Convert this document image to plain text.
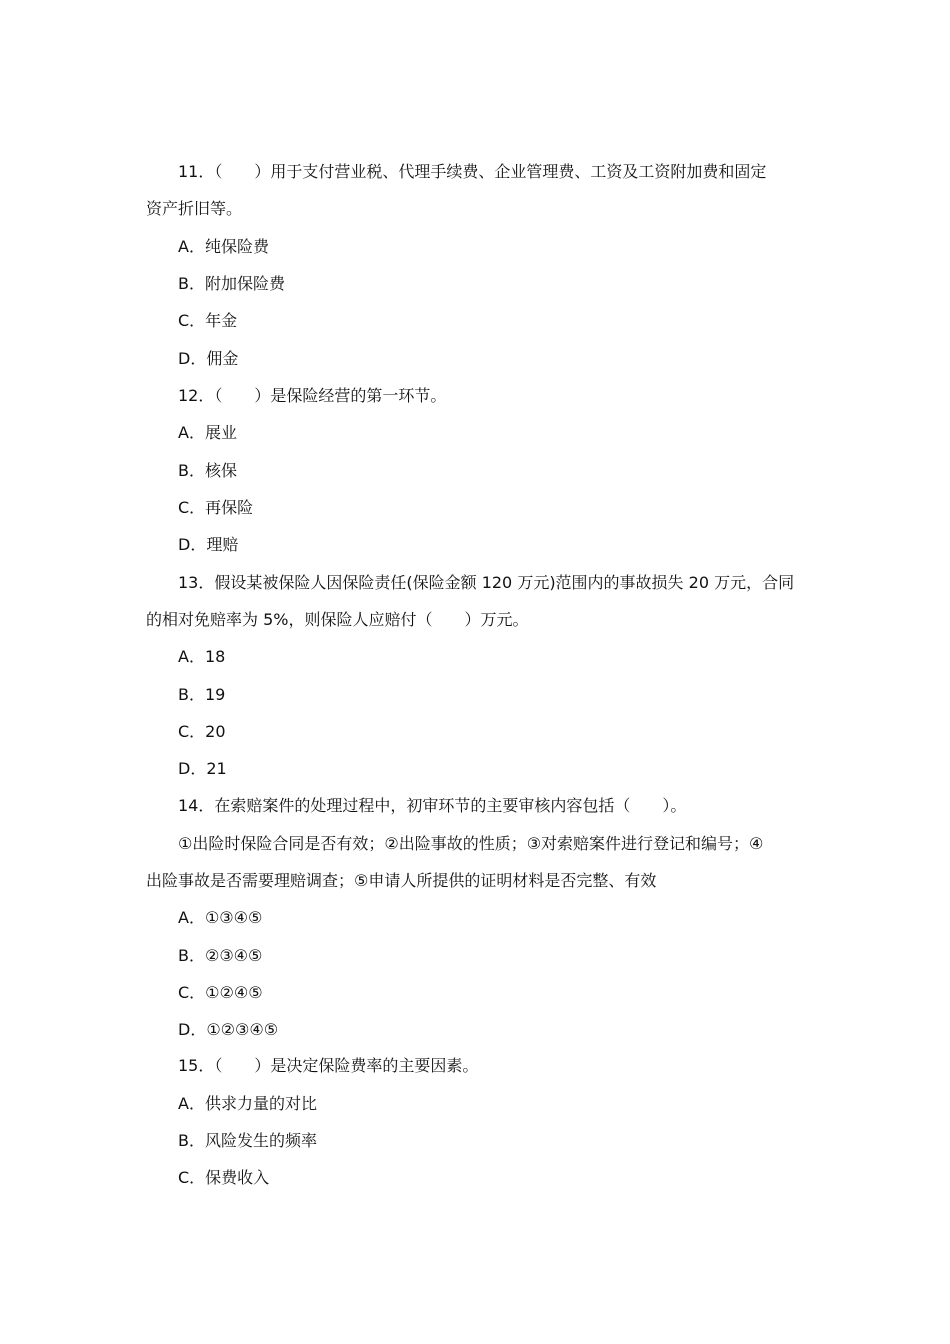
11．（　　）用于支付营业税、代理手续费、企业管理费、工资及工资附加费和固定
资产折旧等。
A．纯保险费
B．附加保险费
C．年金
D．佣金
12．（　　）是保险经营的第一环节。
A．展业
B．核保
C．再保险
D．理赔
13．假设某被保险人因保险责任(保险金额 120 万元)范围内的事故损失 20 万元，合同
的相对免赔率为 5%，则保险人应赔付（　　）万元。
A．18
B．19
C．20
D．21
14．在索赔案件的处理过程中，初审环节的主要审核内容包括（　　）。
①出险时保险合同是否有效；②出险事故的性质；③对索赔案件进行登记和编号；④
出险事故是否需要理赔调查；⑤申请人所提供的证明材料是否完整、有效
A．①③④⑤
B．②③④⑤
C．①②④⑤
D．①②③④⑤
15．（　　）是决定保险费率的主要因素。
A．供求力量的对比
B．风险发生的频率
C．保费收入
